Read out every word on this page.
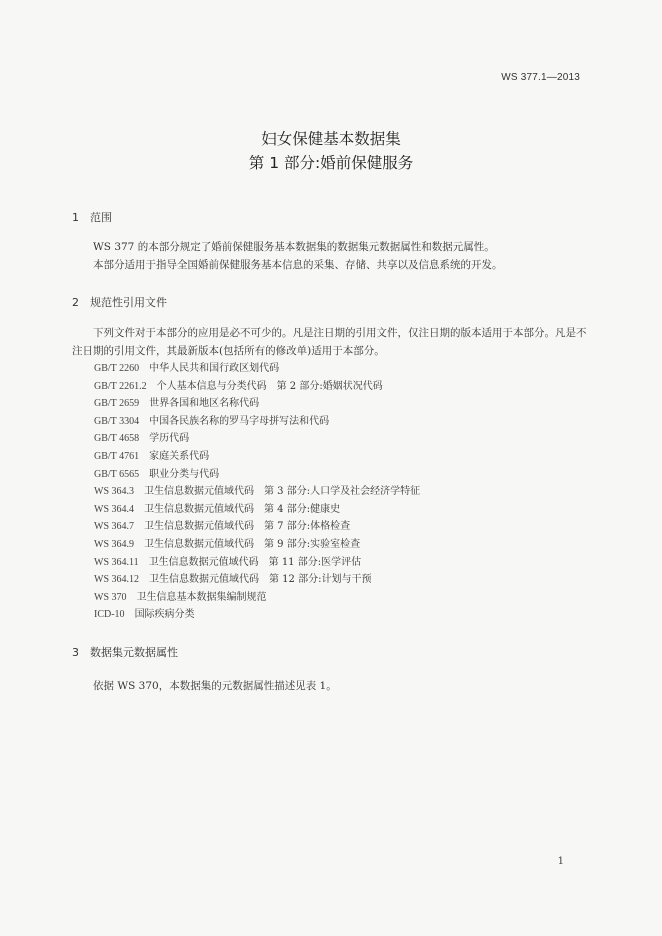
WS 377.1—2013
妇女保健基本数据集
第 1 部分:婚前保健服务
1 范围

WS 377 的本部分规定了婚前保健服务基本数据集的数据集元数据属性和数据元属性。

本部分适用于指导全国婚前保健服务基本信息的采集、存储、共享以及信息系统的开发。

2 规范性引用文件

下列文件对于本部分的应用是必不可少的。凡是注日期的引用文件，仅注日期的版本适用于本部分。凡是不注日期的引用文件，其最新版本(包括所有的修改单)适用于本部分。

GB/T 2260 中华人民共和国行政区划代码
GB/T 2261.2 个人基本信息与分类代码　第 2 部分:婚姻状况代码
GB/T 2659 世界各国和地区名称代码
GB/T 3304 中国各民族名称的罗马字母拼写法和代码
GB/T 4658 学历代码
GB/T 4761 家庭关系代码
GB/T 6565 职业分类与代码
WS 364.3 卫生信息数据元值域代码　第 3 部分:人口学及社会经济学特征
WS 364.4 卫生信息数据元值域代码　第 4 部分:健康史
WS 364.7 卫生信息数据元值域代码　第 7 部分:体格检查
WS 364.9 卫生信息数据元值域代码　第 9 部分:实验室检查
WS 364.11 卫生信息数据元值域代码　第 11 部分:医学评估
WS 364.12 卫生信息数据元值域代码　第 12 部分:计划与干预
WS 370 卫生信息基本数据集编制规范
ICD-10 国际疾病分类
3 数据集元数据属性

依据 WS 370，本数据集的元数据属性描述见表 1。

1
